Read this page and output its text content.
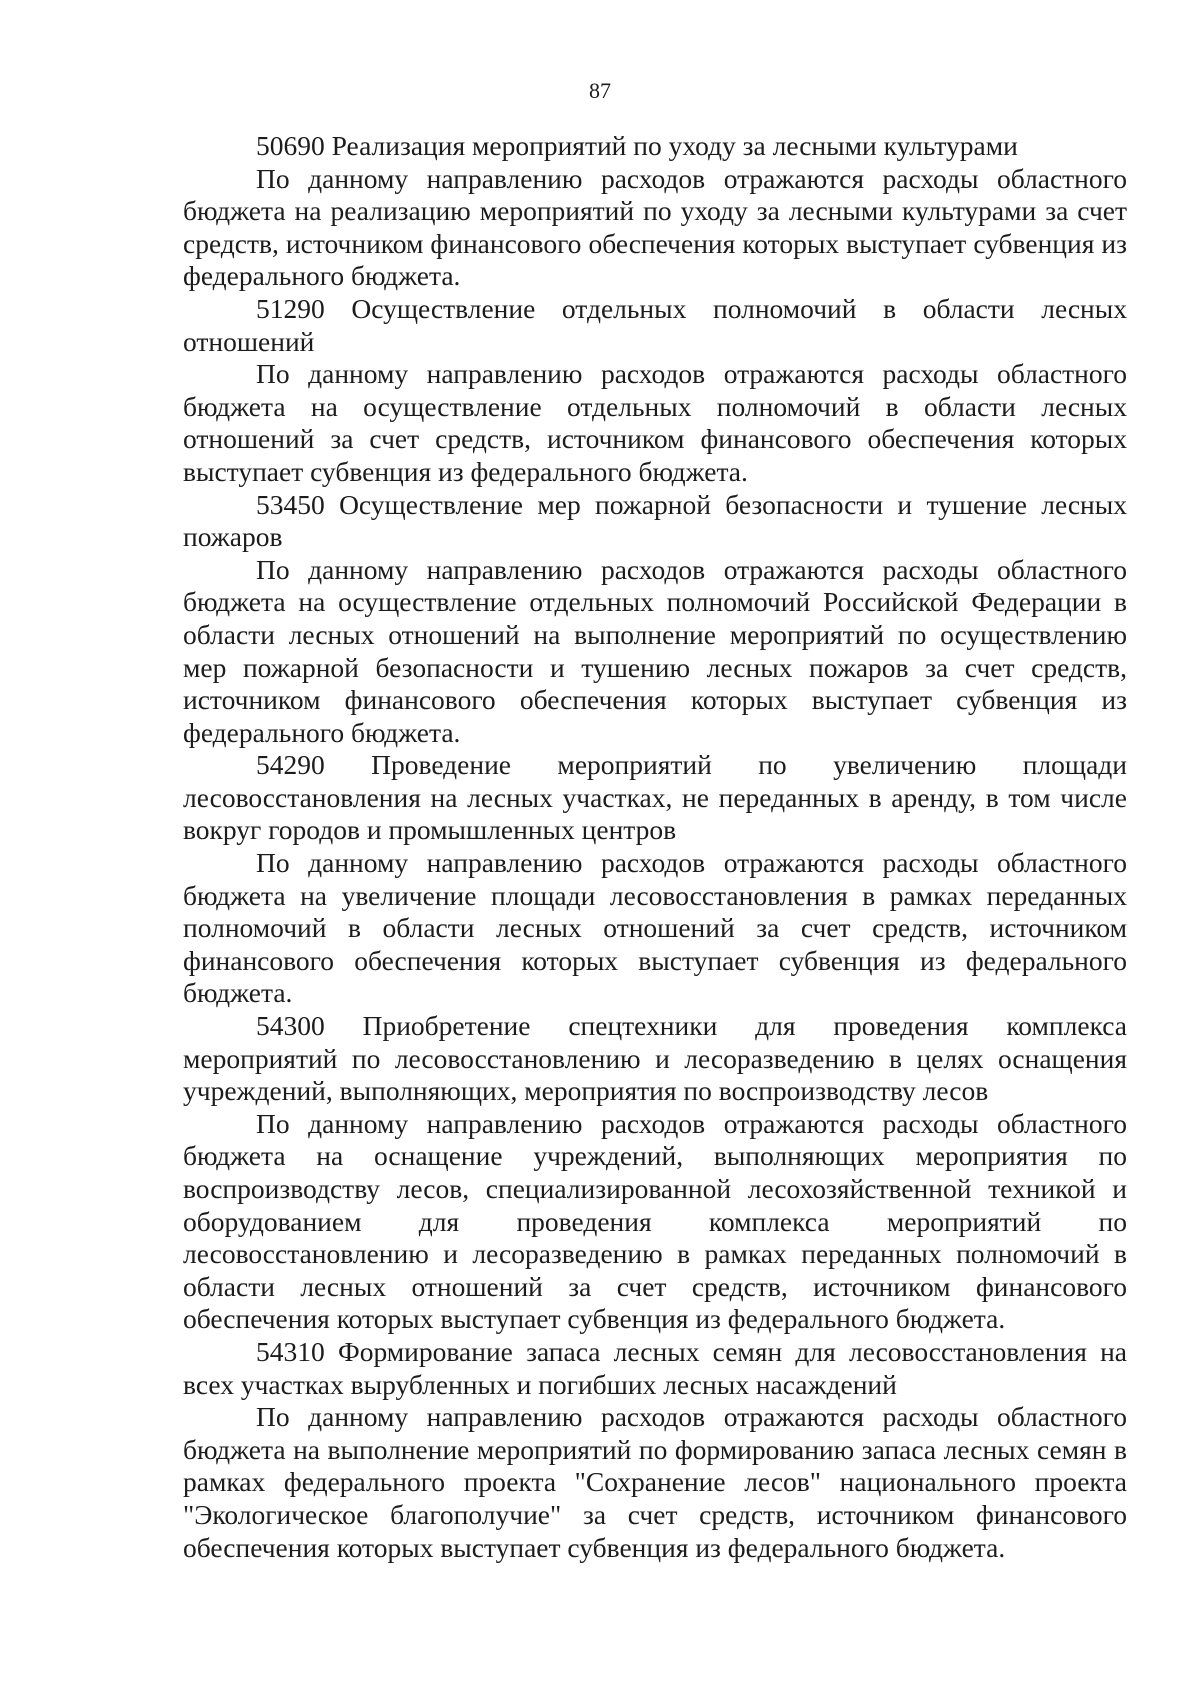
87

50690 Реализация мероприятий по уходу за лесными культурами

По данному направлению расходов отражаются расходы областного бюджета на реализацию мероприятий по уходу за лесными культурами за счет средств, источником финансового обеспечения которых выступает субвенция из федерального бюджета.

51290 Осуществление отдельных полномочий в области лесных отношений

По данному направлению расходов отражаются расходы областного бюджета на осуществление отдельных полномочий в области лесных отношений за счет средств, источником финансового обеспечения которых выступает субвенция из федерального бюджета.

53450 Осуществление мер пожарной безопасности и тушение лесных пожаров

По данному направлению расходов отражаются расходы областного бюджета на осуществление отдельных полномочий Российской Федерации в области лесных отношений на выполнение мероприятий по осуществлению мер пожарной безопасности и тушению лесных пожаров за счет средств, источником финансового обеспечения которых выступает субвенция из федерального бюджета.

54290 Проведение мероприятий по увеличению площади лесовосстановления на лесных участках, не переданных в аренду, в том числе вокруг городов и промышленных центров

По данному направлению расходов отражаются расходы областного бюджета на увеличение площади лесовосстановления в рамках переданных полномочий в области лесных отношений за счет средств, источником финансового обеспечения которых выступает субвенция из федерального бюджета.

54300 Приобретение спецтехники для проведения комплекса мероприятий по лесовосстановлению и лесоразведению в целях оснащения учреждений, выполняющих, мероприятия по воспроизводству лесов

По данному направлению расходов отражаются расходы областного бюджета на оснащение учреждений, выполняющих мероприятия по воспроизводству лесов, специализированной лесохозяйственной техникой и оборудованием для проведения комплекса мероприятий по лесовосстановлению и лесоразведению в рамках переданных полномочий в области лесных отношений за счет средств, источником финансового обеспечения которых выступает субвенция из федерального бюджета.

54310 Формирование запаса лесных семян для лесовосстановления на всех участках вырубленных и погибших лесных насаждений

По данному направлению расходов отражаются расходы областного бюджета на выполнение мероприятий по формированию запаса лесных семян в рамках федерального проекта "Сохранение лесов" национального проекта "Экологическое благополучие" за счет средств, источником финансового обеспечения которых выступает субвенция из федерального бюджета.
